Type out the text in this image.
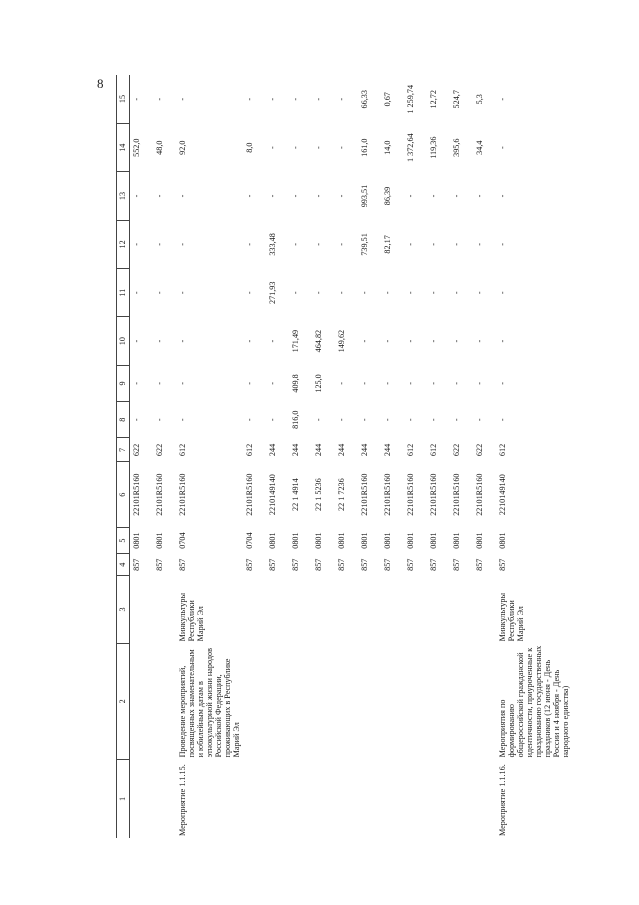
8
1	2	3	4	5	6	7	8	9	10	11	12	13	14	15
			857	0801	22101R5160	622	-	-	-	-	-	-	552,0	-
			857	0801	22101R5160	622	-	-	-	-	-	-	48,0	-
Мероприятие 1.1.15.	Проведение мероприятий, посвященных знаменательным и юбилейным датам в этнокультурной жизни народов Российской Федерации, проживающих в Республике Марий Эл	Минкультуры Республики Марий Эл	857	0704	22101R5160	612	-	-	-	-	-	-	92,0	-
			857	0704	22101R5160	612	-	-	-	-	-	-	8,0	-
			857	0801	2210149140	244	-	-	-	271,93	333,48	-	-	-
			857	0801	22 1 4914	244	816,0	409,8	171,49	-	-	-	-	-
			857	0801	22 1 5236	244	-	125,0	464,82	-	-	-	-	-
			857	0801	22 1 7236	244	-	-	149,62	-	-	-	-	-
			857	0801	22101R5160	244	-	-	-	-	739,51	993,51	161,0	66,33
			857	0801	22101R5160	244	-	-	-	-	82,17	86,39	14,0	0,67
			857	0801	22101R5160	612	-	-	-	-	-	-	1 372,64	1 259,74
			857	0801	22101R5160	612	-	-	-	-	-	-	119,36	12,72
			857	0801	22101R5160	622	-	-	-	-	-	-	395,6	524,7
			857	0801	22101R5160	622	-	-	-	-	-	-	34,4	5,3
Мероприятие 1.1.16.	Мероприятия по формированию общероссийской гражданской идентичности, приуроченные к празднованию государственных праздников (12 июня - День России и 4 ноября - День народного единства)	Минкультуры Республики Марий Эл	857	0801	2210149140	612	-	-	-	-	-	-	-	-
